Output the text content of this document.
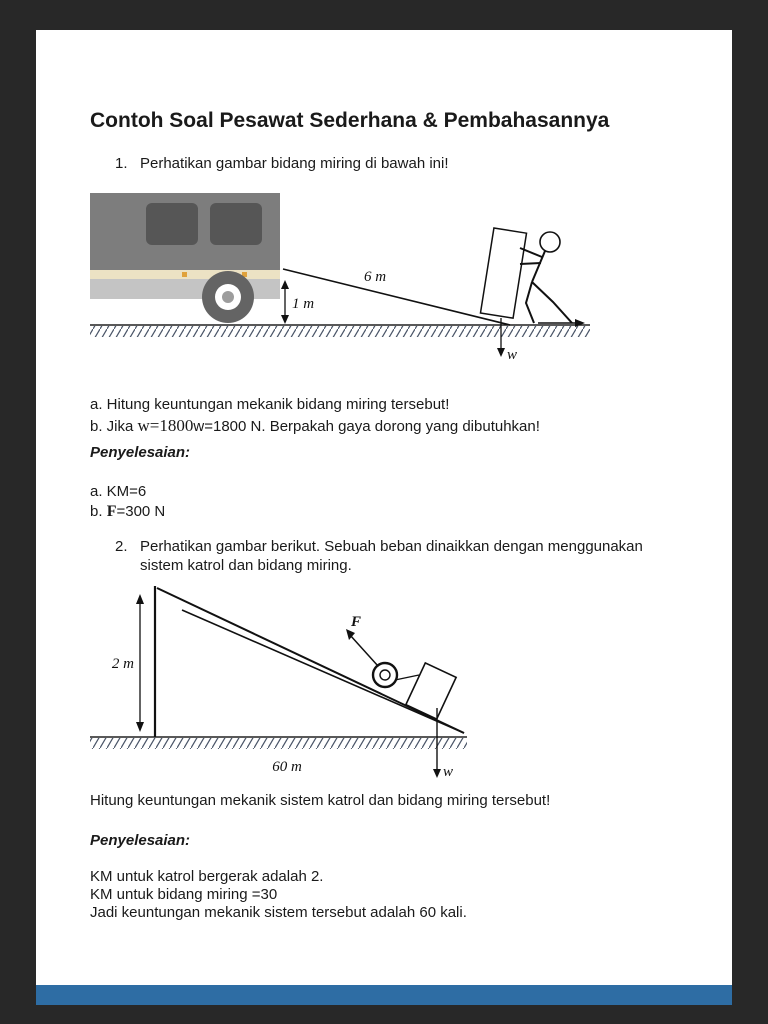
Contoh Soal Pesawat Sederhana & Pembahasannya
1. Perhatikan gambar bidang miring di bawah ini!
6 m
1 m
w
a. Hitung keuntungan mekanik bidang miring tersebut!
b. Jika w=1800w=1800 N. Berpakah gaya dorong yang dibutuhkan!
Penyelesaian:
a. KM=6
b. F=300 N
2. Perhatikan gambar berikut. Sebuah beban dinaikkan dengan menggunakan sistem katrol dan bidang miring.
2 m
F
60 m	w
Hitung keuntungan mekanik sistem katrol dan bidang miring tersebut!
Penyelesaian:
KM untuk katrol bergerak adalah 2.
KM untuk bidang miring =30
Jadi keuntungan mekanik sistem tersebut adalah 60 kali.
